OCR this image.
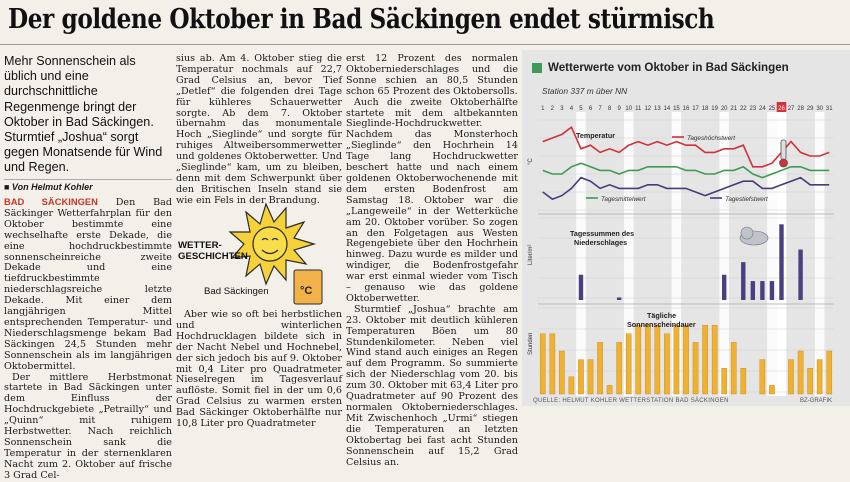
Der goldene Oktober in Bad Säckingen endet stürmisch
Mehr Sonnenschein als üblich und eine durchschnittliche Regenmenge bringt der Oktober in Bad Säckingen. Sturmtief „Joshua“ sorgt gegen Monatsende für Wind und Regen.
■ Von Helmut Kohler

BAD SÄCKINGEN Den Bad Säckinger Wetterfahrplan für den Oktober bestimmte eine wechselhafte erste Dekade, die eine hochdruckbestimmte sonnenscheinreiche zweite Dekade und eine tiefdruckbestimmte niederschlagsreiche letzte Dekade. Mit einer dem langjährigen Mittel entsprechenden Temperatur- und Niederschlagsmenge bekam Bad Säckingen 24,5 Stunden mehr Sonnenschein als im langjährigen Oktobermittel.

Der mittlere Herbstmonat startete in Bad Säckingen unter dem Einfluss der Hochdruckgebiete „Petrailly“ und „Quinn“ mit ruhigem Herbstwetter. Nach reichlich Sonnenschein sank die Temperatur in der sternenklaren Nacht zum 2. Oktober auf frische 3 Grad Cel-

sius ab. Am 4. Oktober stieg die Temperatur nochmals auf 22,7 Grad Celsius an, bevor Tief „Detlef“ die folgenden drei Tage für kühleres Schauerwetter sorgte. Ab dem 7. Oktober übernahm das monumentale Hoch „Sieglinde“ und sorgte für ruhiges Altweibersommerwetter und goldenes Oktoberwetter. Und „Sieglinde“ kam, um zu bleiben, denn mit dem Schwerpunkt über den Britischen Inseln stand sie wie ein Fels in der Brandung.

°C
WETTER-
GESCHICHTEN
Bad Säckingen

Aber wie so oft bei herbstlichen und winterlichen Hochdrucklagen bildete sich in der Nacht Nebel und Hochnebel, der sich jedoch bis auf 9. Oktober mit 0,4 Liter pro Quadratmeter Nieselregen im Tagesverlauf auflöste. Somit fiel in der um 0,6 Grad Celsius zu warmen ersten Bad Säckinger Oktoberhälfte nur 10,8 Liter pro Quadratmeter

erst 12 Prozent des normalen Oktoberniederschlages und die Sonne schien an 80,5 Stunden schon 65 Prozent des Oktobersolls.

Auch die zweite Oktoberhälfte startete mit dem altbekannten Sieglinde-Hochdruckwetter. Nachdem das Monsterhoch „Sieglinde“ den Hochrhein 14 Tage lang Hochdruckwetter beschert hatte und nach einem goldenen Oktoberwochenende mit dem ersten Bodenfrost am Samstag 18. Oktober war die „Langeweile“ in der Wetterküche am 20. Oktober vorüber. So zogen an den Folgetagen aus Westen Regengebiete über den Hochrhein hinweg. Dazu wurde es milder und windiger, die Bodenfrostgefahr war erst einmal wieder vom Tisch – genauso wie das goldene Oktoberwetter.

Sturmtief „Joshua“ brachte am 23. Oktober mit deutlich kühleren Temperaturen Böen um 80 Stundenkilometer. Neben viel Wind stand auch einiges an Regen auf dem Programm. So summierte sich der Niederschlag vom 20. bis zum 30. Oktober mit 63,4 Liter pro Quadratmeter auf 90 Prozent des normalen Oktoberniederschlages. Mit Zwischenhoch „Urmi“ stiegen die Temperaturen an letzten Oktobertag bei fast acht Stunden Sonnenschein auf 15,2 Grad Celsius an.

Wetterwerte vom Oktober in Bad Säckingen
Station 337 m über NN
1 2 3 4 5 6 7 8 9 10 11 12 13 14 15 16 17 18 19 20 21 22 23 24 25 26 27 28 29 30 31
Temperatur	Tageshöchstwert
Tagesmittelwert	Tagestiefstwert
°C
Tagessummen des
Niederschlages
Liter/m²
Tägliche
Sonnenscheindauer
Stunden
QUELLE: HELMUT KOHLER WETTERSTATION BAD SÄCKINGEN	BZ-GRAFIK
